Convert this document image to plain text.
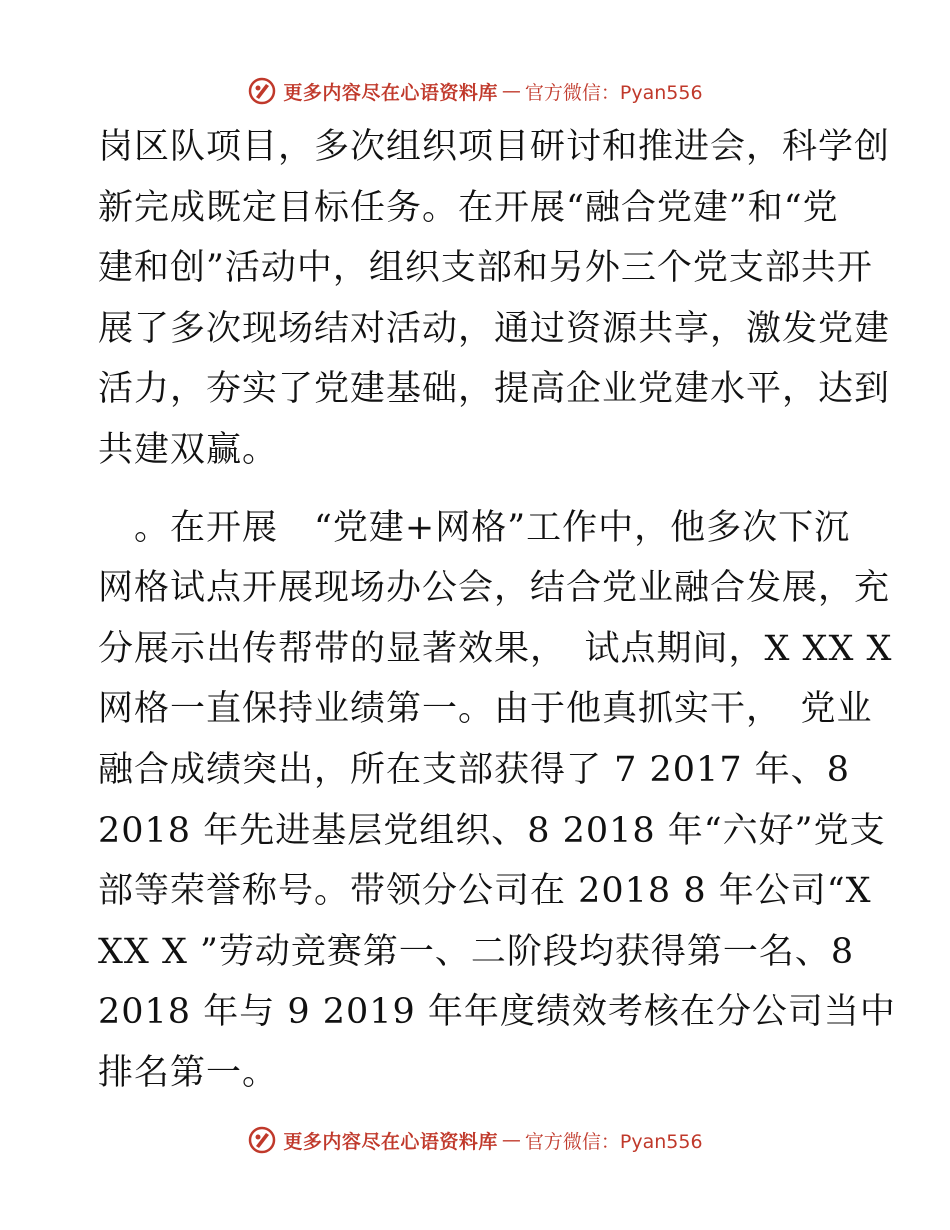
更多内容尽在心语资料库 — 官方微信：Pyan556
岗区队项目，多次组织项目研讨和推进会，科学创
新完成既定目标任务。在开展“融合党建”和“党
建和创”活动中，组织支部和另外三个党支部共开
展了多次现场结对活动，通过资源共享，激发党建
活力，夯实了党建基础，提高企业党建水平，达到
共建双赢。
　。在开展　“党建+网格”工作中，他多次下沉
网格试点开展现场办公会，结合党业融合发展，充
分展示出传帮带的显著效果，　试点期间，X XX X
网格一直保持业绩第一。由于他真抓实干，　党业
融合成绩突出，所在支部获得了 7 2017 年、8
2018 年先进基层党组织、8 2018 年“六好”党支
部等荣誉称号。带领分公司在 2018 8 年公司“X
XX X ”劳动竞赛第一、二阶段均获得第一名、8
2018 年与 9 2019 年年度绩效考核在分公司当中
排名第一。
更多内容尽在心语资料库 — 官方微信：Pyan556
